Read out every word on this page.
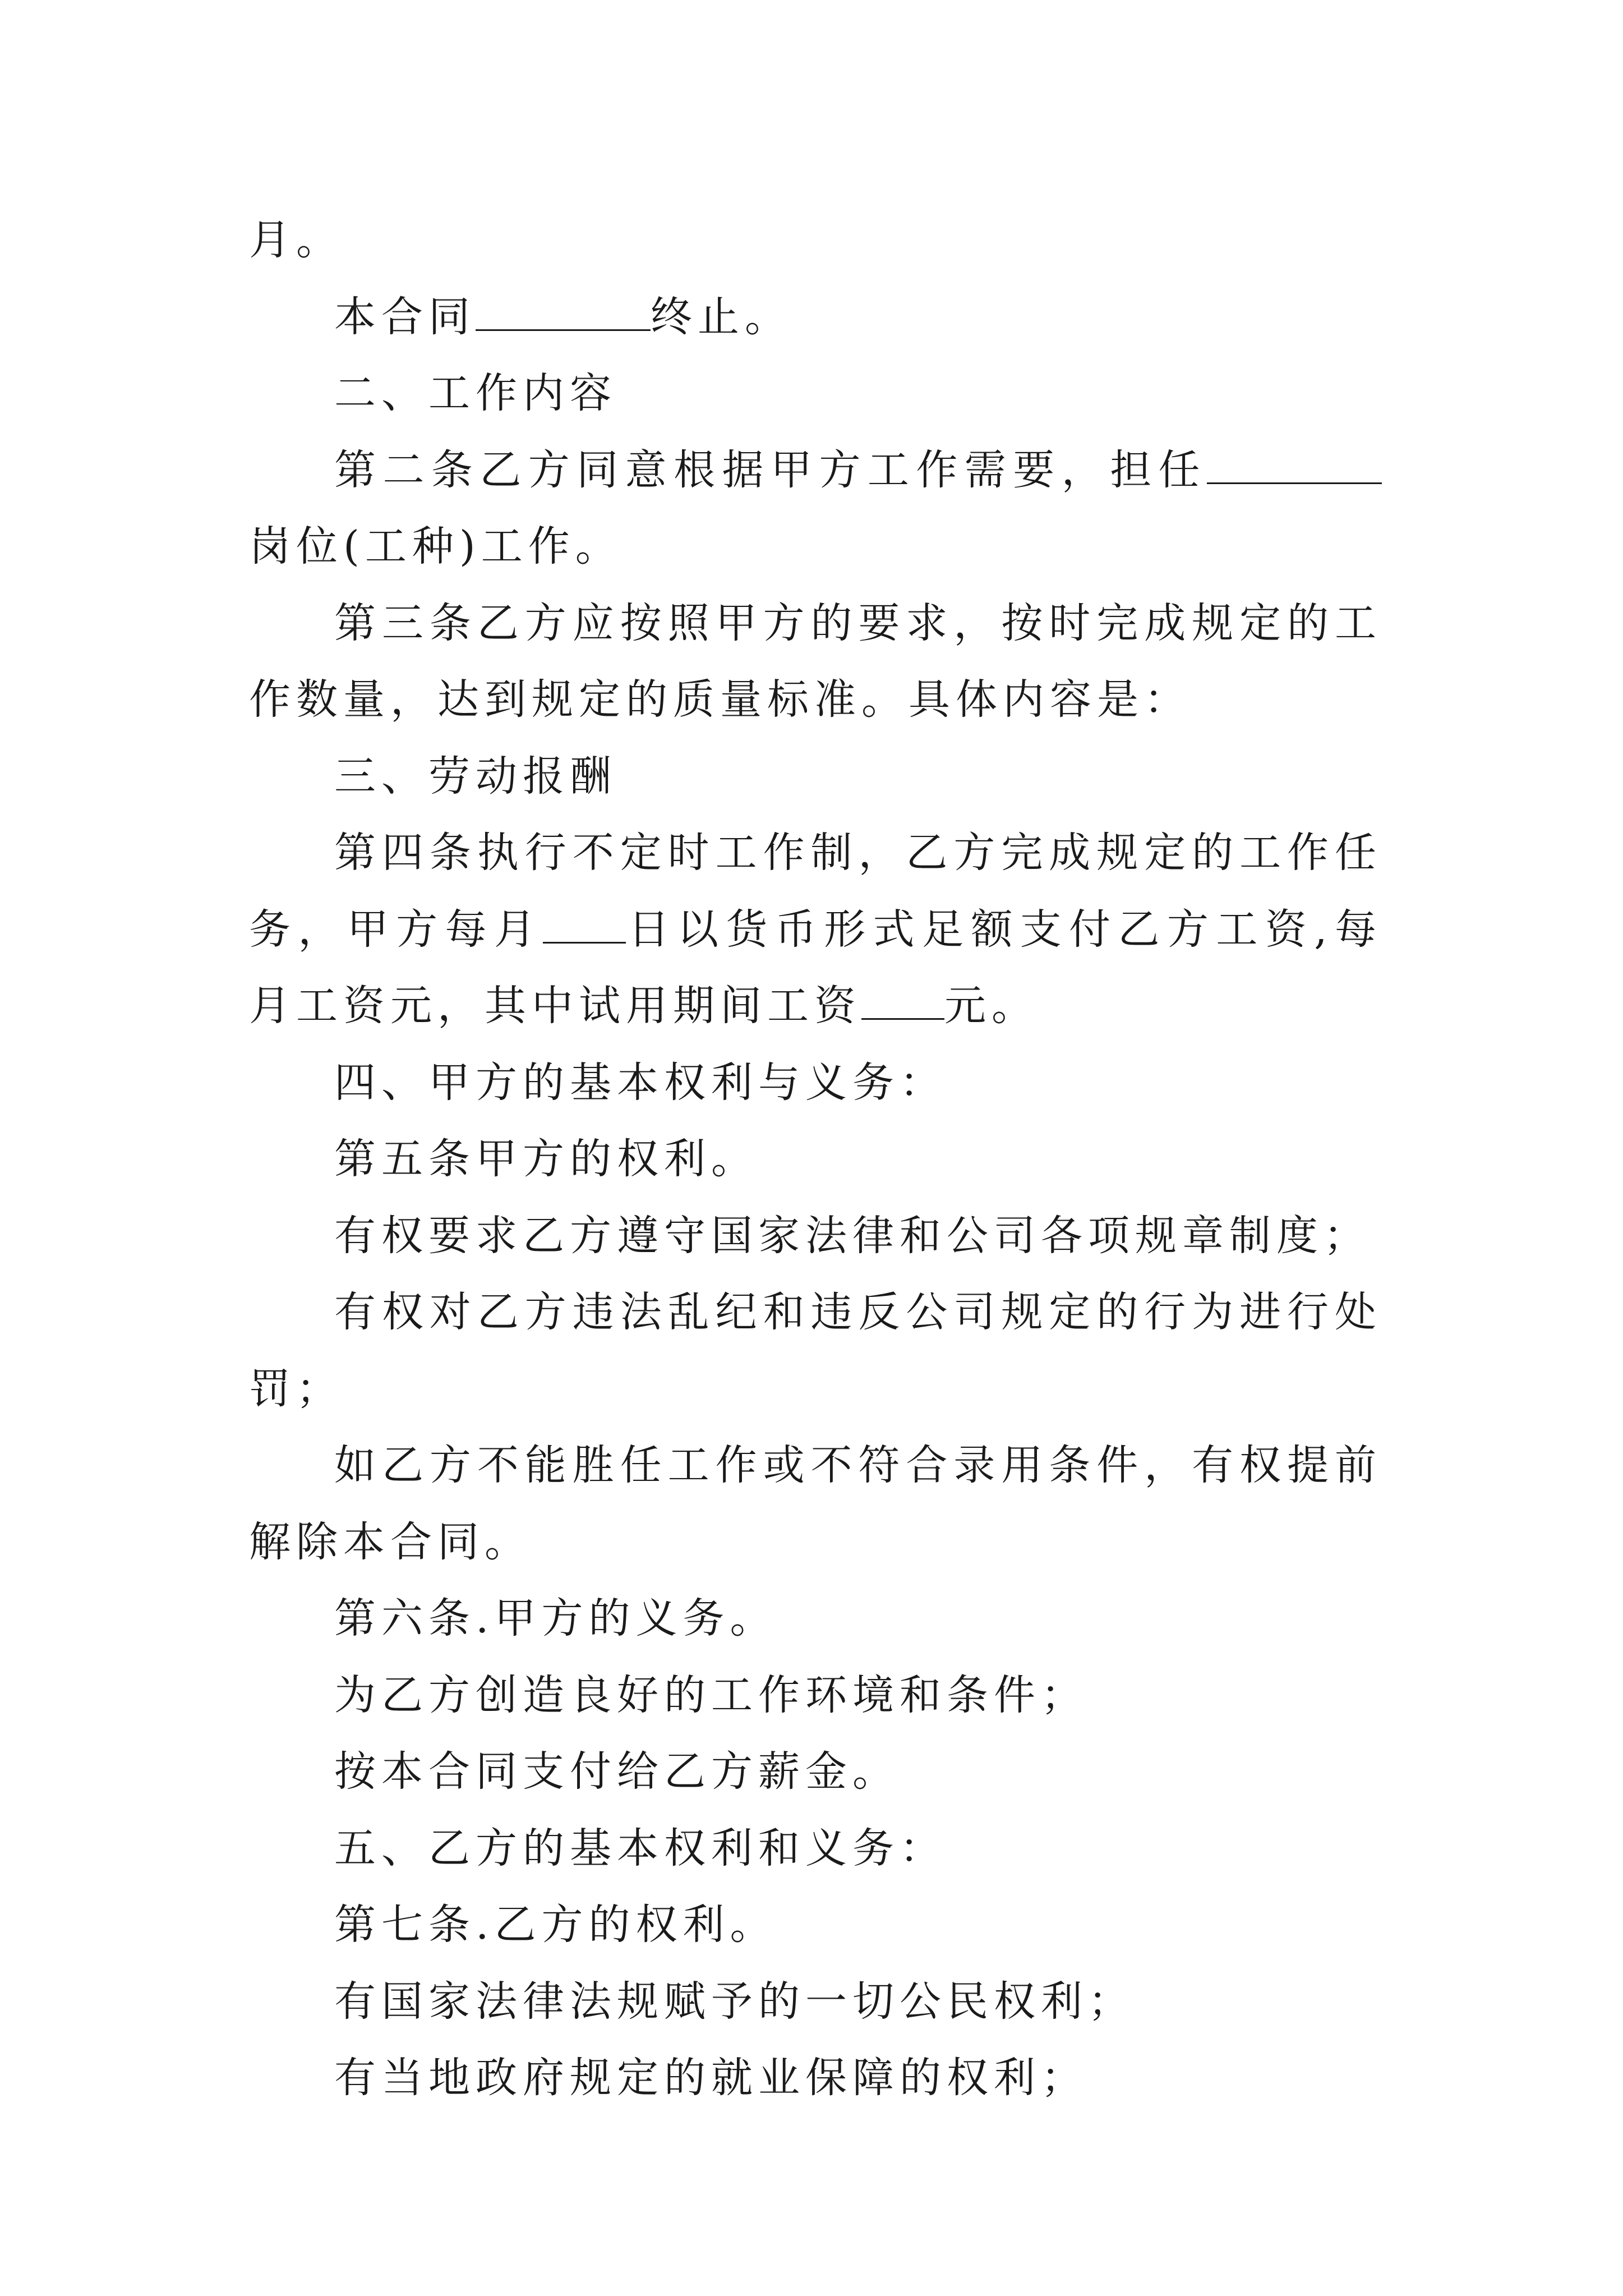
月。

本合同	终止。

二、工作内容

第二条乙方同意根据甲方工作需要，担任岗位(工种)工作。

第三条乙方应按照甲方的要求，按时完成规定的工作数量，达到规定的质量标准。具体内容是：

三、劳动报酬

第四条执行不定时工作制，乙方完成规定的工作任务，甲方每月 日以货币形式足额支付乙方工资,每月工资元，其中试用期间工资 元。

四、甲方的基本权利与义务：

第五条甲方的权利。

有权要求乙方遵守国家法律和公司各项规章制度；

有权对乙方违法乱纪和违反公司规定的行为进行处罚；

如乙方不能胜任工作或不符合录用条件，有权提前解除本合同。

第六条.甲方的义务。

为乙方创造良好的工作环境和条件；

按本合同支付给乙方薪金。

五、乙方的基本权利和义务：

第七条.乙方的权利。

有国家法律法规赋予的一切公民权利；

有当地政府规定的就业保障的权利；
